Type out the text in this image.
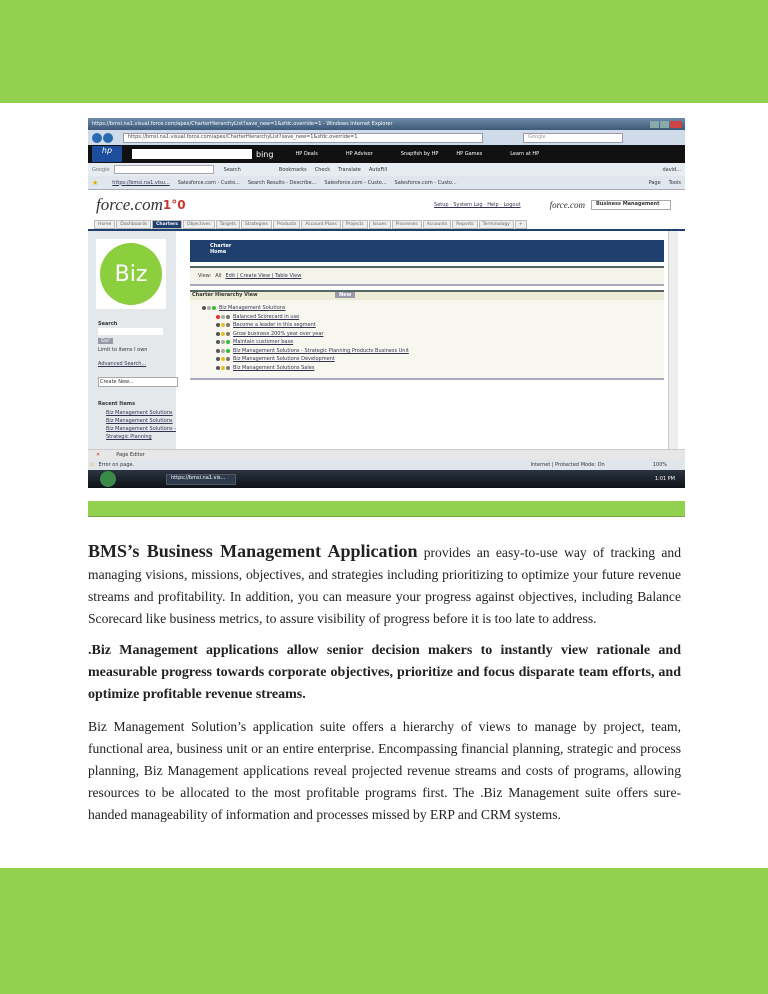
https://bmsi.na1.visual.force.com/apex/CharterHierarchyList?save_new=1&sfdc.override=1 - Windows Internet Explorer
https://bmsi.na1.visual.force.com/apex/CharterHierarchyList?save_new=1&sfdc.override=1	Google
hp	bing	HP Deals	HP Advisor	Snapfish by HP	HP Games	Learn at HP
Google	Search	Bookmarks	Check	Translate	AutoFill	david...
★	https://bmsi.na1.visu...	Salesforce.com - Custo...	Search Results - Describe...	Salesforce.com - Custo...	Salesforce.com - Custo...	Page	Tools
force.com 1°0	Setup · System Log · Help · Logout	force.com	Business Management
Home	Dashboards	Charters	Objectives	Targets	Strategies	Products	Account Plans	Projects	Issues	Processes	Accounts	Reports	Terminology	+
Biz
Search
Go!
Limit to items I own
Advanced Search...
Create New...
Recent Items
Biz Management Solutions
Biz Management Solutions
Biz Management Solutions - Strategic Planning
Charter
Home
View: All Edit | Create View | Table View
Charter Hierarchy View	New
Biz Management Solutions
Balanced Scorecard in use
Become a leader in this segment
Grow business 200% year over year
Maintain customer base
Biz Management Solutions - Strategic Planning Products Business Unit
Biz Management Solutions Development
Biz Management Solutions Sales
✕	Page Editor
⚠ Error on page.	Internet | Protected Mode: On	100%
https://bmsi.na1.vis...	1:01 PM

BMS’s Business Management Application provides an easy-to-use way of tracking and managing visions, missions, objectives, and strategies including prioritizing to optimize your future revenue streams and profitability. In addition, you can measure your progress against objectives, including Balance Scorecard like business metrics, to assure visibility of progress before it is too late to address.

.Biz Management applications allow senior decision makers to instantly view rationale and measurable progress towards corporate objectives, prioritize and focus disparate team efforts, and optimize profitable revenue streams.

Biz Management Solution’s application suite offers a hierarchy of views to manage by project, team, functional area, business unit or an entire enterprise. Encompassing financial planning, strategic and process planning, Biz Management applications reveal projected revenue streams and costs of programs, allowing resources to be allocated to the most profitable programs first. The .Biz Management suite offers sure-handed manageability of information and processes missed by ERP and CRM systems.
